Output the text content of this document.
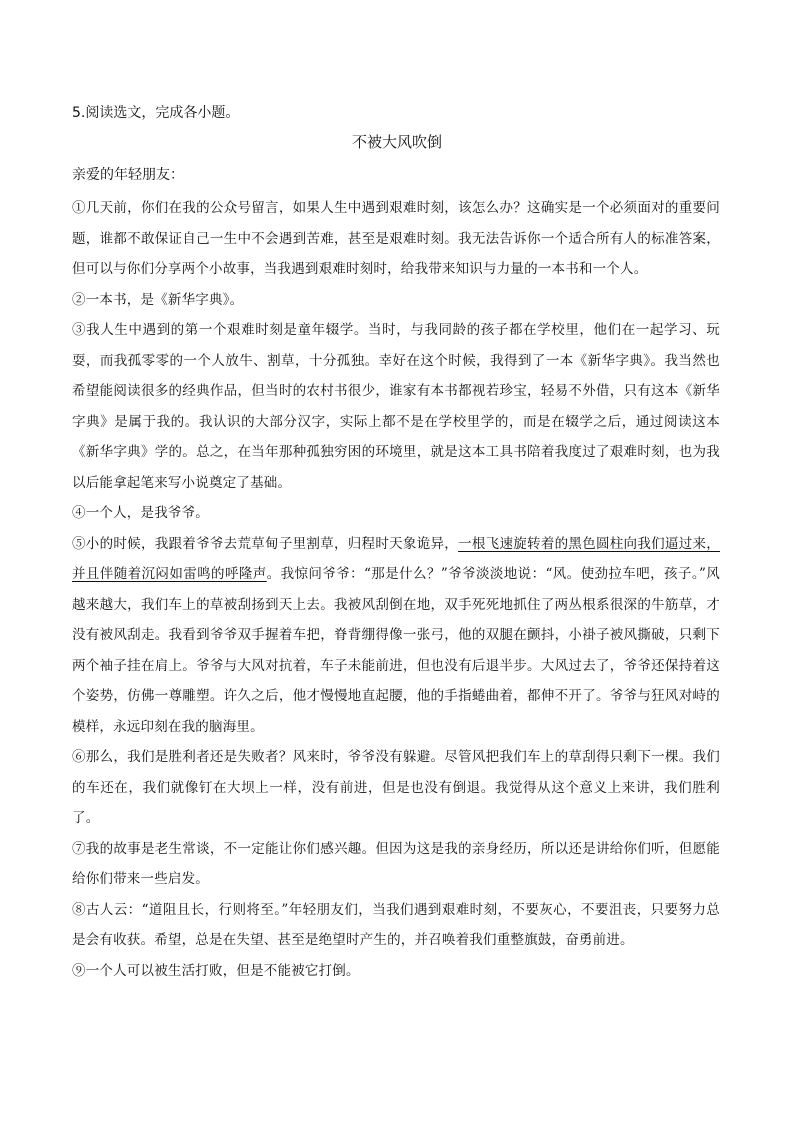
5.阅读选文，完成各小题。
不被大风吹倒
亲爱的年轻朋友：

①几天前，你们在我的公众号留言，如果人生中遇到艰难时刻，该怎么办？这确实是一个必须面对的重要问题，谁都不敢保证自己一生中不会遇到苦难，甚至是艰难时刻。我无法告诉你一个适合所有人的标准答案，但可以与你们分享两个小故事，当我遇到艰难时刻时，给我带来知识与力量的一本书和一个人。

②一本书，是《新华字典》。

③我人生中遇到的第一个艰难时刻是童年辍学。当时，与我同龄的孩子都在学校里，他们在一起学习、玩耍，而我孤零零的一个人放牛、割草，十分孤独。幸好在这个时候，我得到了一本《新华字典》。我当然也希望能阅读很多的经典作品，但当时的农村书很少，谁家有本书都视若珍宝，轻易不外借，只有这本《新华字典》是属于我的。我认识的大部分汉字，实际上都不是在学校里学的，而是在辍学之后，通过阅读这本《新华字典》学的。总之，在当年那种孤独穷困的环境里，就是这本工具书陪着我度过了艰难时刻，也为我以后能拿起笔来写小说奠定了基础。

④一个人，是我爷爷。

⑤小的时候，我跟着爷爷去荒草甸子里割草，归程时天象诡异，一根飞速旋转着的黑色圆柱向我们逼过来，并且伴随着沉闷如雷鸣的呼隆声。我惊问爷爷：“那是什么？”爷爷淡淡地说：“风。使劲拉车吧，孩子。”风越来越大，我们车上的草被刮扬到天上去。我被风刮倒在地，双手死死地抓住了两丛根系很深的牛筋草，才没有被风刮走。我看到爷爷双手握着车把，脊背绷得像一张弓，他的双腿在颤抖，小褂子被风撕破，只剩下两个袖子挂在肩上。爷爷与大风对抗着，车子未能前进，但也没有后退半步。大风过去了，爷爷还保持着这个姿势，仿佛一尊雕塑。许久之后，他才慢慢地直起腰，他的手指蜷曲着，都伸不开了。爷爷与狂风对峙的模样，永远印刻在我的脑海里。

⑥那么，我们是胜利者还是失败者？风来时，爷爷没有躲避。尽管风把我们车上的草刮得只剩下一棵。我们的车还在，我们就像钉在大坝上一样，没有前进，但是也没有倒退。我觉得从这个意义上来讲，我们胜利了。

⑦我的故事是老生常谈，不一定能让你们感兴趣。但因为这是我的亲身经历，所以还是讲给你们听，但愿能给你们带来一些启发。

⑧古人云：“道阻且长，行则将至。”年轻朋友们，当我们遇到艰难时刻，不要灰心，不要沮丧，只要努力总是会有收获。希望，总是在失望、甚至是绝望时产生的，并召唤着我们重整旗鼓，奋勇前进。

⑨一个人可以被生活打败，但是不能被它打倒。
